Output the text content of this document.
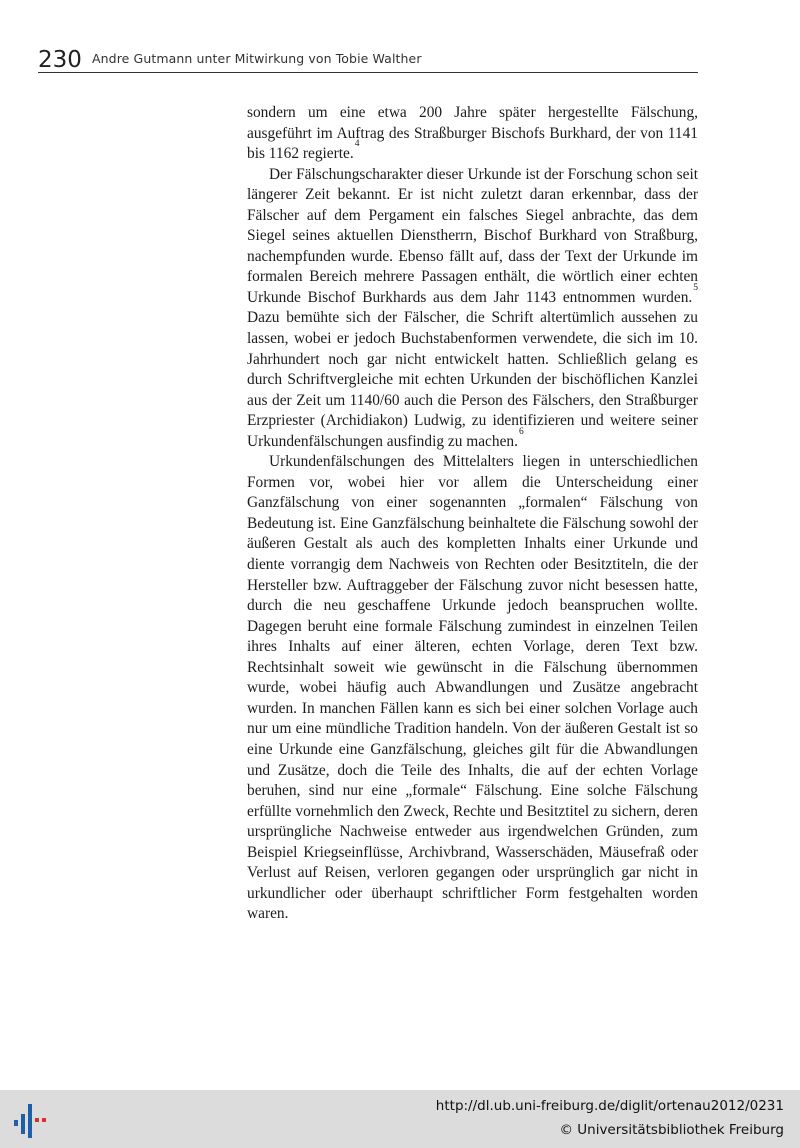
230 Andre Gutmann unter Mitwirkung von Tobie Walther

sondern um eine etwa 200 Jahre später hergestellte Fälschung, ausgeführt im Auftrag des Straßburger Bischofs Burkhard, der von 1141 bis 1162 regierte.$^4$

Der Fälschungscharakter dieser Urkunde ist der Forschung schon seit längerer Zeit bekannt. Er ist nicht zuletzt daran erkennbar, dass der Fälscher auf dem Pergament ein falsches Siegel anbrachte, das dem Siegel seines aktuellen Dienstherrn, Bischof Burkhard von Straßburg, nachempfunden wurde. Ebenso fällt auf, dass der Text der Urkunde im formalen Bereich mehrere Passagen enthält, die wörtlich einer echten Urkunde Bischof Burkhards aus dem Jahr 1143 entnommen wurden.$^5$ Dazu bemühte sich der Fälscher, die Schrift altertümlich aussehen zu lassen, wobei er jedoch Buchstabenformen verwendete, die sich im 10. Jahrhundert noch gar nicht entwickelt hatten. Schließlich gelang es durch Schriftvergleiche mit echten Urkunden der bischöflichen Kanzlei aus der Zeit um 1140/60 auch die Person des Fälschers, den Straßburger Erzpriester (Archidiakon) Ludwig, zu identifizieren und weitere seiner Urkundenfälschungen ausfindig zu machen.$^6$

Urkundenfälschungen des Mittelalters liegen in unterschiedlichen Formen vor, wobei hier vor allem die Unterscheidung einer Ganzfälschung von einer sogenannten „formalen“ Fälschung von Bedeutung ist. Eine Ganzfälschung beinhaltete die Fälschung sowohl der äußeren Gestalt als auch des kompletten Inhalts einer Urkunde und diente vorrangig dem Nachweis von Rechten oder Besitztiteln, die der Hersteller bzw. Auftraggeber der Fälschung zuvor nicht besessen hatte, durch die neu geschaffene Urkunde jedoch beanspruchen wollte. Dagegen beruht eine formale Fälschung zumindest in einzelnen Teilen ihres Inhalts auf einer älteren, echten Vorlage, deren Text bzw. Rechtsinhalt soweit wie gewünscht in die Fälschung übernommen wurde, wobei häufig auch Abwandlungen und Zusätze angebracht wurden. In manchen Fällen kann es sich bei einer solchen Vorlage auch nur um eine mündliche Tradition handeln. Von der äußeren Gestalt ist so eine Urkunde eine Ganzfälschung, gleiches gilt für die Abwandlungen und Zusätze, doch die Teile des Inhalts, die auf der echten Vorlage beruhen, sind nur eine „formale“ Fälschung. Eine solche Fälschung erfüllte vornehmlich den Zweck, Rechte und Besitztitel zu sichern, deren ursprüngliche Nachweise entweder aus irgendwelchen Gründen, zum Beispiel Kriegseinflüsse, Archivbrand, Wasserschäden, Mäusefraß oder Verlust auf Reisen, verloren gegangen oder ursprünglich gar nicht in urkundlicher oder überhaupt schriftlicher Form festgehalten worden waren.

http://dl.ub.uni-freiburg.de/diglit/ortenau2012/0231
© Universitätsbibliothek Freiburg
